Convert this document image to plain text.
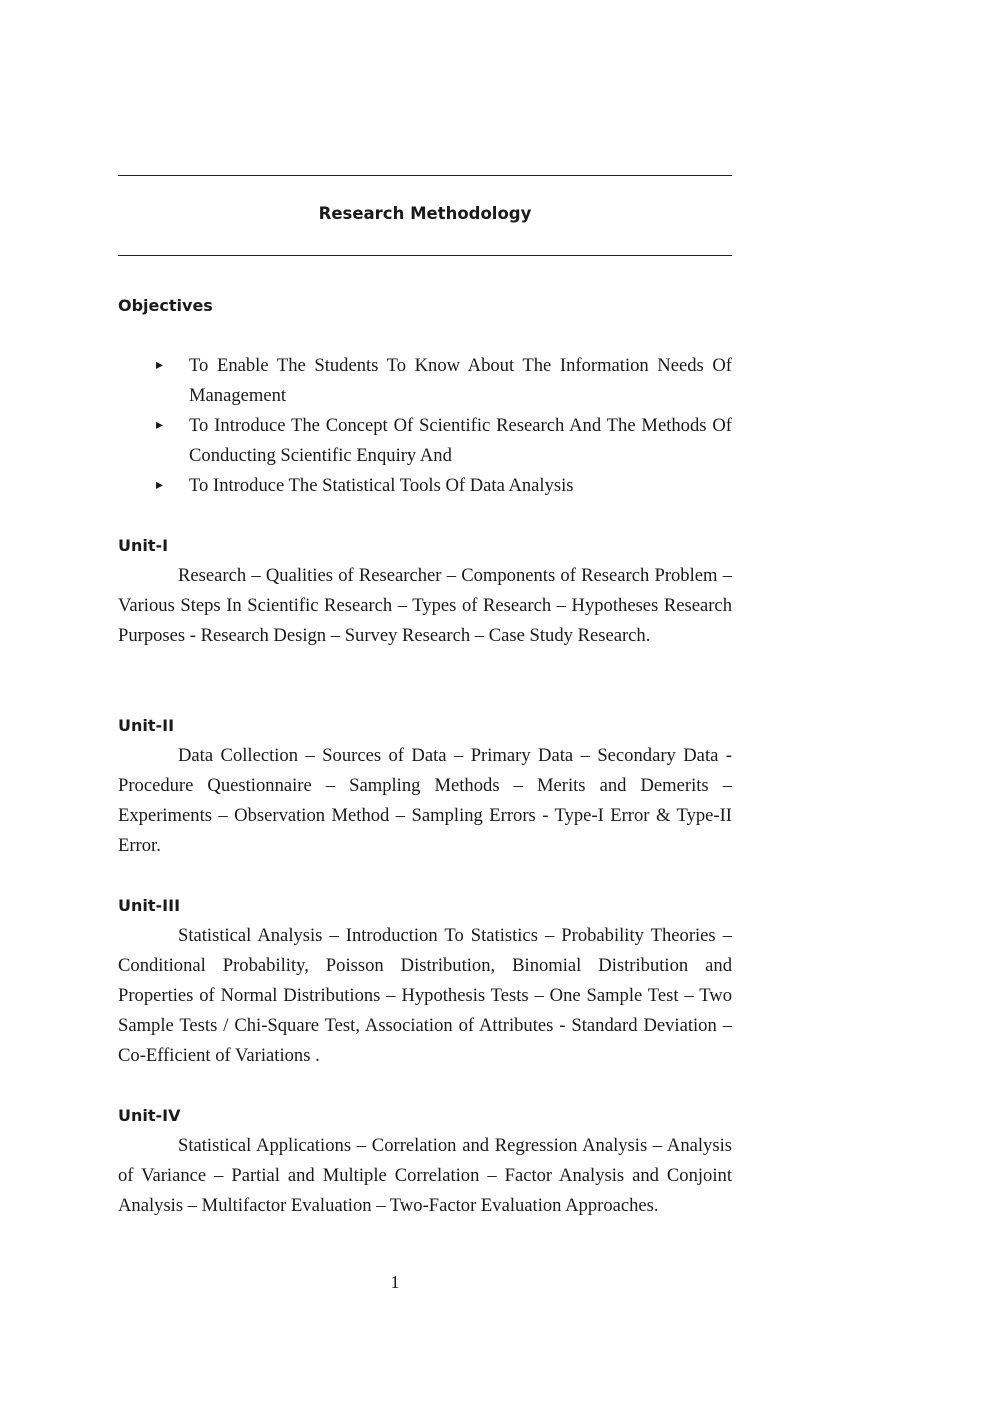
Research Methodology
Objectives
▸ To Enable The Students To Know About The Information Needs Of Management
▸ To Introduce The Concept Of Scientific Research And The Methods Of Conducting Scientific Enquiry And
▸ To Introduce The Statistical Tools Of Data Analysis
Unit-I
Research – Qualities of Researcher – Components of Research Problem – Various Steps In Scientific Research – Types of Research – Hypotheses Research Purposes - Research Design – Survey Research – Case Study Research.
Unit-II
Data Collection – Sources of Data – Primary Data – Secondary Data - Procedure Questionnaire – Sampling Methods – Merits and Demerits – Experiments – Observation Method – Sampling Errors - Type-I Error & Type-II Error.
Unit-III
Statistical Analysis – Introduction To Statistics – Probability Theories – Conditional Probability, Poisson Distribution, Binomial Distribution and Properties of Normal Distributions – Hypothesis Tests – One Sample Test – Two Sample Tests / Chi-Square Test, Association of Attributes - Standard Deviation – Co-Efficient of Variations .
Unit-IV
Statistical Applications – Correlation and Regression Analysis – Analysis of Variance – Partial and Multiple Correlation – Factor Analysis and Conjoint Analysis – Multifactor Evaluation – Two-Factor Evaluation Approaches.
1
